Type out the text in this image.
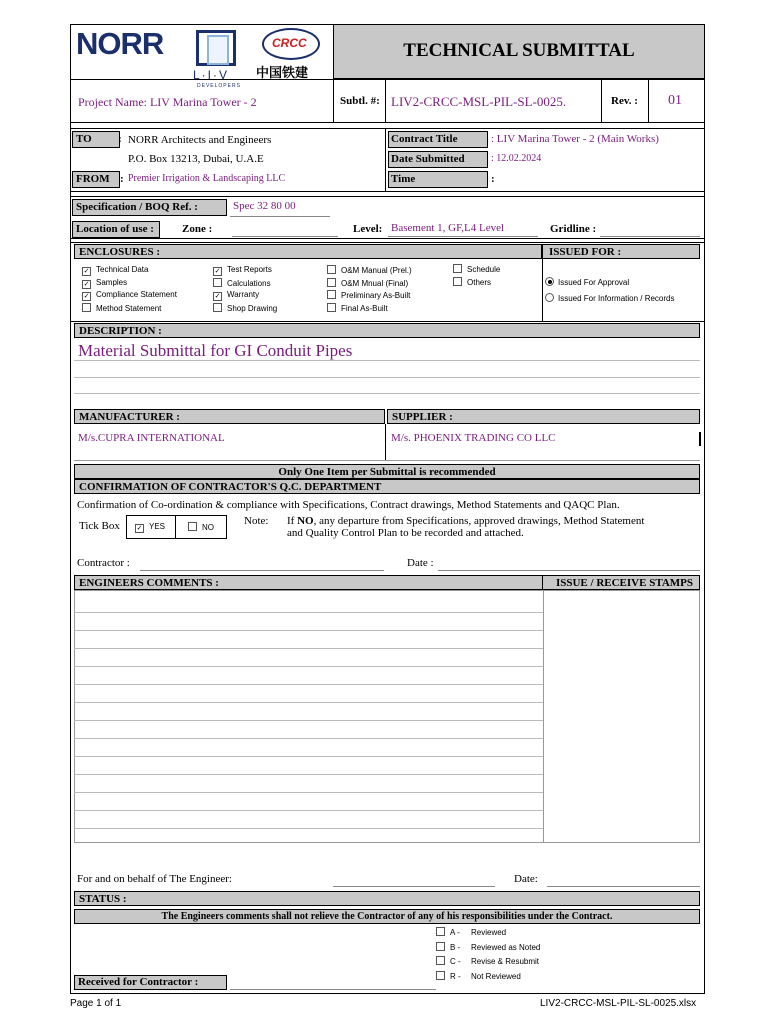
NORR
L·I·V
DEVELOPERS
CRCC
中国铁建
TECHNICAL SUBMITTAL
Project Name: LIV Marina Tower - 2	Subtl. #: LIV2-CRCC-MSL-PIL-SL-0025.	Rev. : 01
TO : NORR Architects and Engineers
P.O. Box 13213, Dubai, U.A.E
FROM : Premier Irrigation & Landscaping LLC
Contract Title	: LIV Marina Tower - 2 (Main Works)
Date Submitted	: 12.02.2024
Time	:
Specification / BOQ Ref. :	Spec 32 80 00
Location of use :	Zone :	Level: Basement 1, GF,L4 Level	Gridline :
ENCLOSURES :	ISSUED FOR :
✓ Technical Data
✓ Samples
✓ Compliance Statement
Method Statement
✓ Test Reports
Calculations
✓ Warranty
Shop Drawing
O&M Manual (Prel.)
O&M Mnual (Final)
Preliminary As-Built
Final As-Built
Schedule
Others	Issued For Approval
Issued For Information / Records
DESCRIPTION :
Material Submittal for GI Conduit Pipes
MANUFACTURER :	SUPPLIER :
M/s.CUPRA INTERNATIONAL	M/s. PHOENIX TRADING CO LLC
Only One Item per Submittal is recommended
CONFIRMATION OF CONTRACTOR'S Q.C. DEPARTMENT
Confirmation of Co-ordination & compliance with Specifications, Contract drawings, Method Statements and QAQC Plan.
Tick Box ✓ YES	NO
Note: If NO, any departure from Specifications, approved drawings, Method Statement
and Quality Control Plan to be recorded and attached.
Contractor :	Date :
ENGINEERS COMMENTS :	ISSUE / RECEIVE STAMPS
For and on behalf of The Engineer:	Date:
STATUS :
The Engineers comments shall not relieve the Contractor of any of his responsibilities under the Contract.
A - Reviewed
B - Reviewed as Noted
C - Revise & Resubmit
R - Not Reviewed
Received for Contractor :
Page 1 of 1	LIV2-CRCC-MSL-PIL-SL-0025.xlsx
